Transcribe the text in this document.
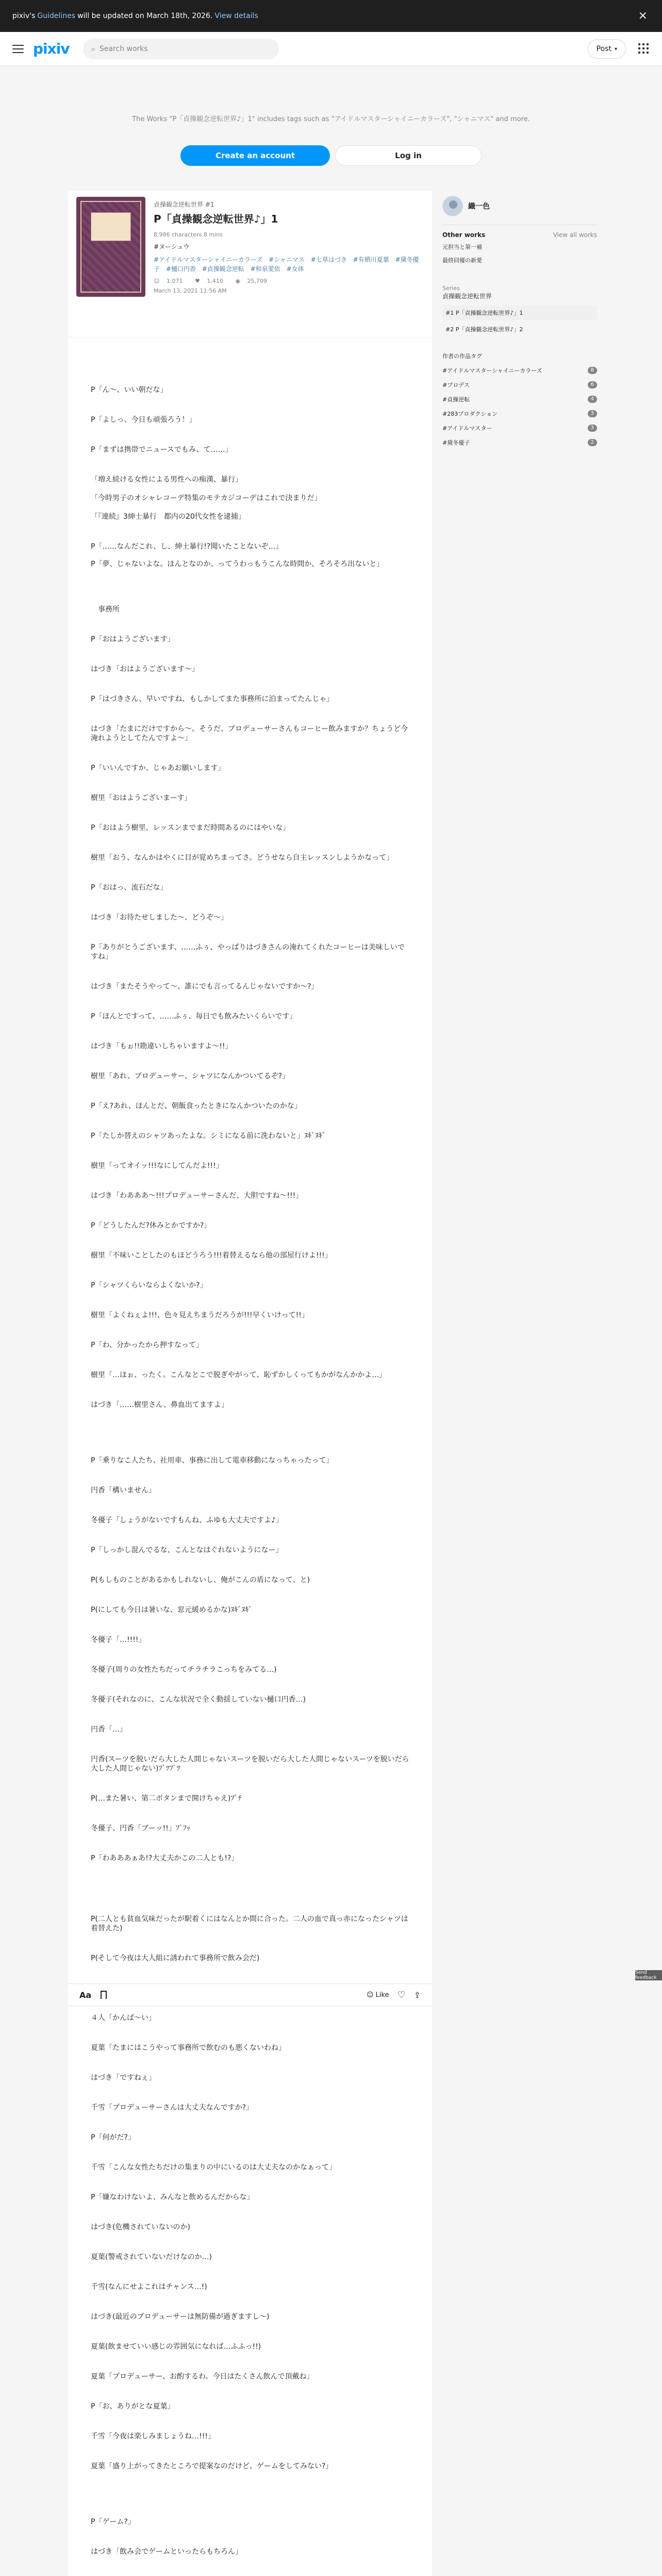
pixiv's Guidelines will be updated on March 18th, 2026. View details	×
pixiv	⌕ Search works	Post ▾
The Works "P「貞操観念逆転世界♪」1" includes tags such as "アイドルマスターシャイニーカラーズ", "シャニマス" and more.
Create an account	Log in
貞操観念逆転世界 #1
P「貞操観念逆転世界♪」1
8,986 characters 8 mins
#ヌーシュウ
#アイドルマスターシャイニーカラーズ #シャニマス #七草はづき #有栖川夏葉 #黛冬優子 #樋口円香 #貞操観念逆転 #和泉愛依 #女体
☺ 1,071 ♥ 1,410 ◉ 25,709
March 13, 2021 11:56 AM
P「ん〜、いい朝だな」
P「よしっ、今日も頑張ろう！」
P「まずは携帯でニュースでもみ、て……」
「増え続ける女性による男性への痴漢、暴行」

「今時男子のオシャレコーデ特集のモテカジコーデはこれで決まりだ」

「『連続』3紳士暴行　都内の20代女性を逮捕」
P「……なんだこれ、し、紳士暴行!?聞いたことないぞ…」
P「夢、じゃないよな。ほんとなのか、ってうわっもうこんな時間か、そろそろ出ないと」
　事務所
P「おはようございます」
はづき「おはようございます〜」
P「はづきさん、早いですね、もしかしてまた事務所に泊まってたんじゃ」
はづき「たまにだけですから〜。そうだ、プロデューサーさんもコーヒー飲みますか？ちょうど今淹れようとしてたんですよ〜」
P「いいんですか、じゃあお願いします」
樹里「おはようございまーす」
P「おはよう樹里、レッスンまでまだ時間あるのにはやいな」
樹里「おう、なんかはやくに目が覚めちまってさ。どうせなら自主レッスンしようかなって」
P「おはっ、流石だな」
はづき「お待たせしました〜、どうぞ〜」
P「ありがとうございます、……ふぅ、やっぱりはづきさんの淹れてくれたコーヒーは美味しいですね」
はづき「またそうやって〜、誰にでも言ってるんじゃないですか〜?」
P「ほんとですって、……ふぅ、毎日でも飲みたいくらいです」
はづき「もぉ!!勘違いしちゃいますよ〜!!」
樹里「あれ、プロデューサー、シャツになんかついてるぞ?」
P「え?あれ、ほんとだ、朝飯食ったときになんかついたのかな」
P「たしか替えのシャツあったよな。シミになる前に洗わないと」ﾇｷﾞﾇｷﾞ
樹里「ってオイッ!!!なにしてんだよ!!!」
はづき「わあああ〜!!!プロデューサーさんだ、大胆ですね〜!!!」
P「どうしたんだ?休みとかですか?」
樹里「不味いことしたのもほどうろう!!!着替えるなら他の部屋行けよ!!!」
P「シャツくらいならよくないか?」
樹里「よくねぇよ!!!、色々見えちまうだろうが!!!早くいけって!!」
P「わ、分かったから押すなって」
樹里「…ほぉ、ったく。こんなとこで脱ぎやがって、恥ずかしくってもかがなんかかよ…」
はづき「……樹里さん、鼻血出てますよ」
P「乗りなこ人たち、社用車、事務に出して電車移動になっちゃったって」
円香「構いません」
冬優子「しょうがないですもんね、ふゆも大丈夫ですよ♪」
P「しっかし混んでるな、こんとなはぐれないようになー」
P(もしものことがあるかもしれないし、俺がこんの盾になって、と)
P(にしても今日は暑いな、窓元緩めるかな)ﾇｷﾞﾇｷﾞ
冬優子「…!!!!」
冬優子(周りの女性たちだってチラチラこっちをみてる…)
冬優子(それなのに、こんな状況で全く動揺していない樋口円香…)
円香「…」
円香(スーツを脱いだら大した人間じゃないスーツを脱いだら大した人間じゃないスーツを脱いだら大した人間じゃない)ﾌﾞﾂﾌﾞﾂ
P(…また暑い、第二ボタンまで開けちゃえ)ﾌﾟﾁ
冬優子、円香「ブーッ!!」ﾌﾞﾌｯ
P「わあああぁあ!?大丈夫かこの二人とも!?」
P(二人とも貧血気味だったが駅着くにはなんとか間に合った。二人の血で真っ赤になったシャツは着替えた)
P(そして今夜は大人組に誘われて事務所で飲み会だ)
４人「かんぱ〜い」
夏葉「たまにはこうやって事務所で飲むのも悪くないわね」
はづき「ですねぇ」
千雪「プロデューサーさんは大丈夫なんですか?」
P「何がだ?」
千雪「こんな女性たちだけの集まりの中にいるのは大丈夫なのかなぁって」
P「嫌なわけないよ、みんなと飲めるんだからな」
はづき(危機されていないのか)
夏葉(警戒されていないだけなのか…)
千雪(なんにせよこれはチャンス…!)
はづき(最近のプロデューサーは無防備が過ぎますし〜)
夏葉(飲ませていい感じの雰囲気になれば…ふふっ!!)
夏葉「プロデューサー、お酌するわ。今日はたくさん飲んで頂戴ね」
P「お、ありがとな夏葉」
千雪「今夜は楽しみましょうね…!!!」
夏葉「盛り上がってきたところで提案なのだけど、ゲームをしてみない?」
P「ゲーム?」
はづき「飲み会でゲームといったらもちろん」
織一色
Other works	View all works
元担当と第一補
最終回優の新愛
Series
貞操観念逆転世界
#1 P「貞操観念逆転世界♪」1
#2 P「貞操観念逆転世界♪」2
作者の作品タグ
#アイドルマスターシャイニーカラーズ	8
#プロデス	6
#貞操逆転	4
#283プロダクション	3
#アイドルマスター	3
#黛冬優子	2
Send feedback
Aa	☺ Like ♡ ⇪
